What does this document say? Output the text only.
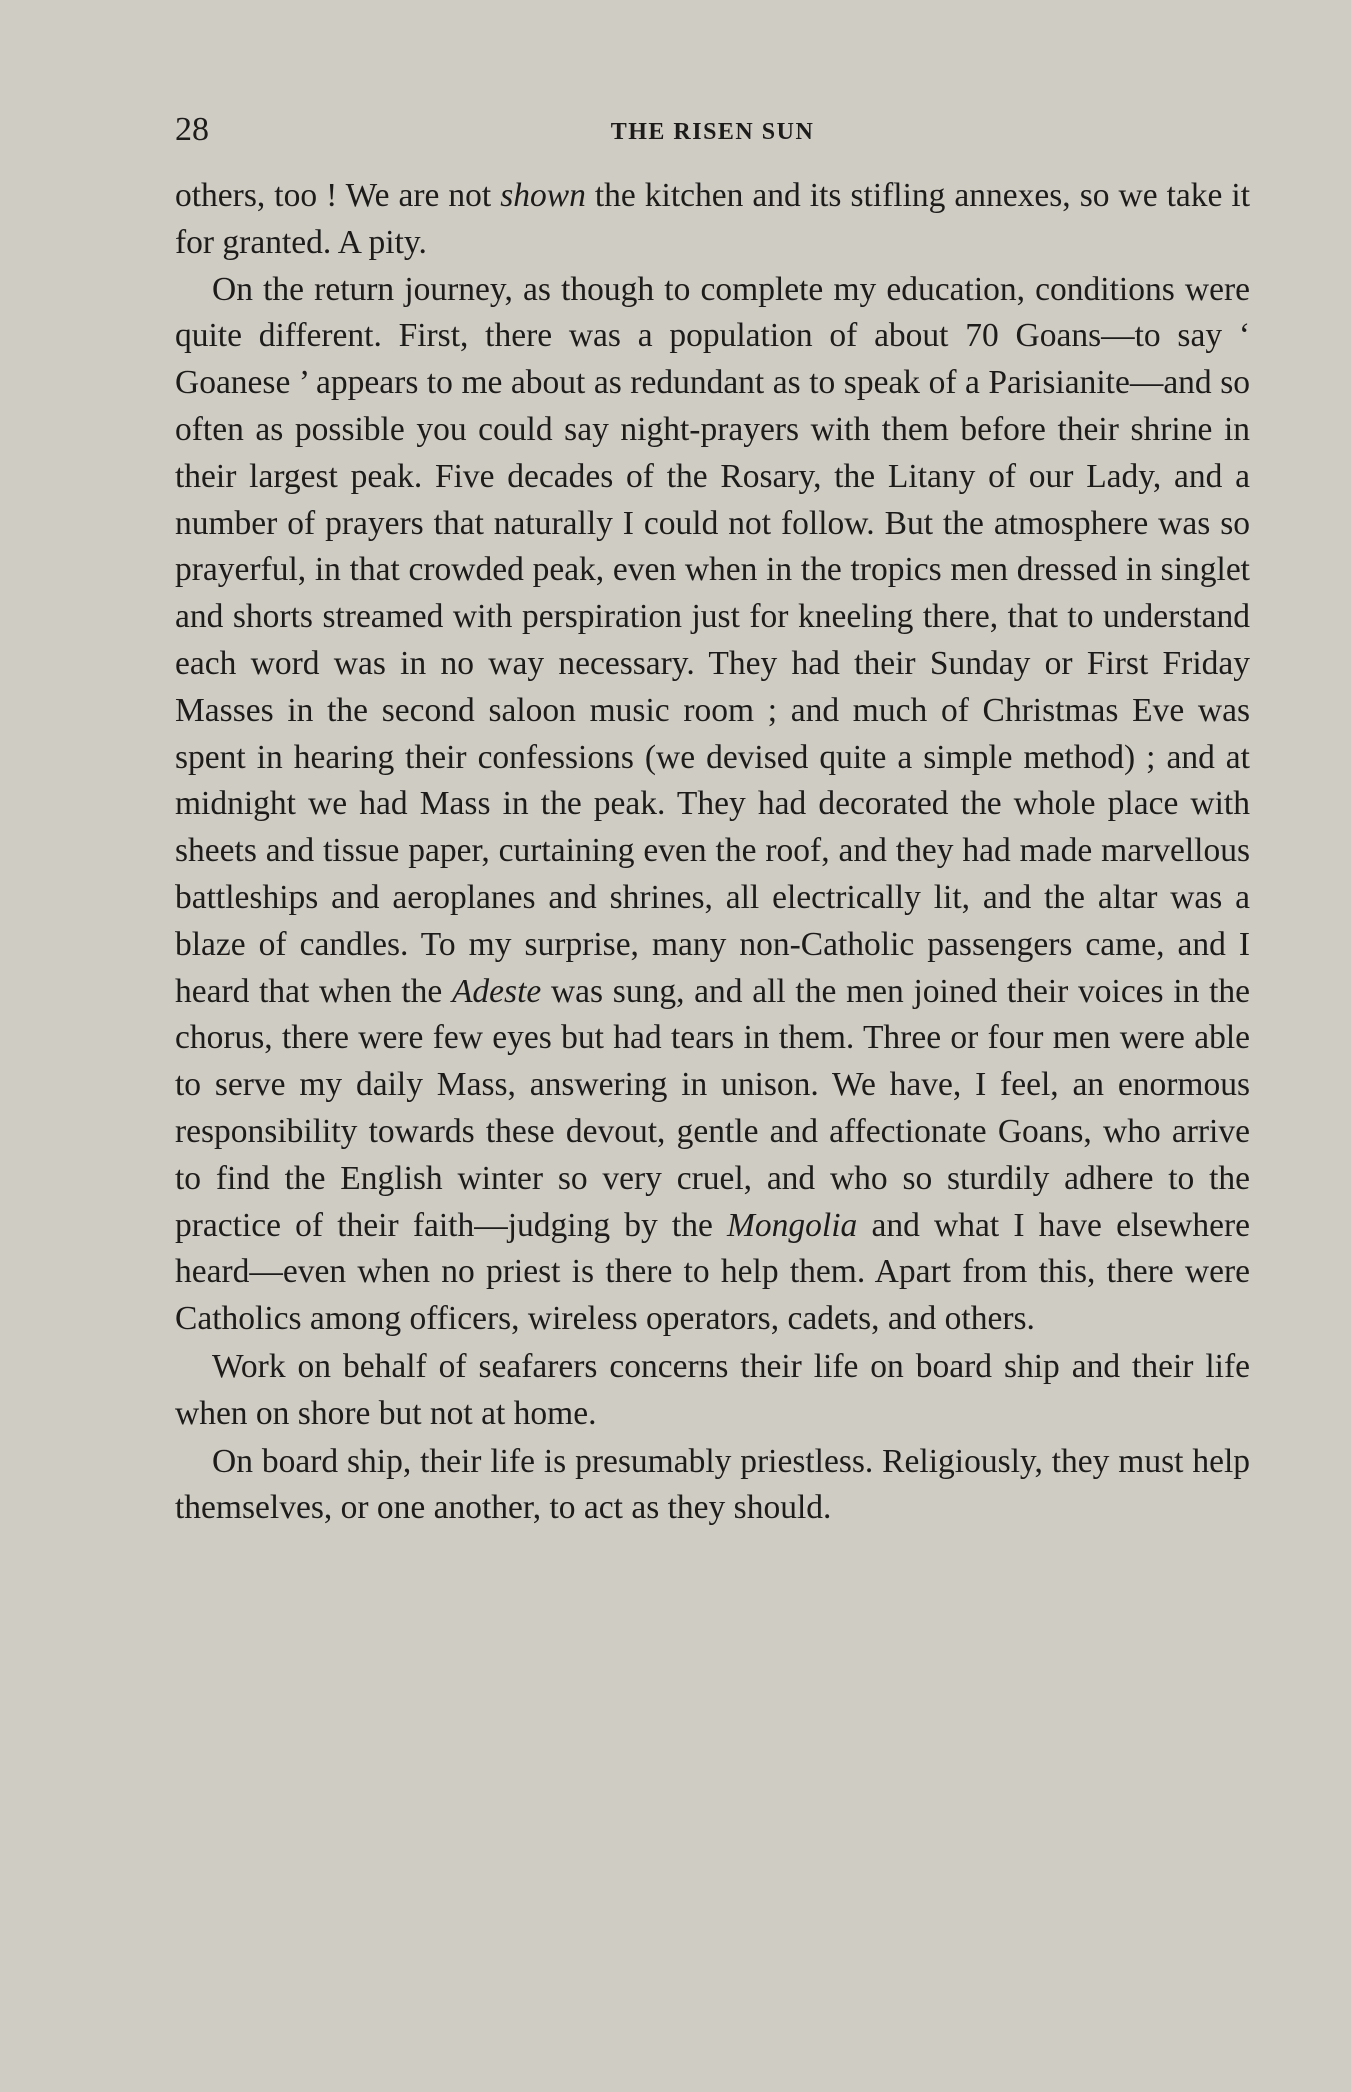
28	THE RISEN SUN

others, too ! We are not shown the kitchen and its stifling annexes, so we take it for granted. A pity.

On the return journey, as though to complete my education, conditions were quite different. First, there was a population of about 70 Goans—to say ‘ Goanese ’ appears to me about as redundant as to speak of a Parisianite—and so often as possible you could say night-prayers with them before their shrine in their largest peak. Five decades of the Rosary, the Litany of our Lady, and a number of prayers that naturally I could not follow. But the atmosphere was so prayerful, in that crowded peak, even when in the tropics men dressed in singlet and shorts streamed with perspiration just for kneeling there, that to understand each word was in no way necessary. They had their Sunday or First Friday Masses in the second saloon music room ; and much of Christmas Eve was spent in hearing their confessions (we devised quite a simple method) ; and at midnight we had Mass in the peak. They had decorated the whole place with sheets and tissue paper, curtaining even the roof, and they had made marvellous battleships and aeroplanes and shrines, all electrically lit, and the altar was a blaze of candles. To my surprise, many non-Catholic passengers came, and I heard that when the Adeste was sung, and all the men joined their voices in the chorus, there were few eyes but had tears in them. Three or four men were able to serve my daily Mass, answering in unison. We have, I feel, an enormous responsibility towards these devout, gentle and affectionate Goans, who arrive to find the English winter so very cruel, and who so sturdily adhere to the practice of their faith—judging by the Mongolia and what I have elsewhere heard—even when no priest is there to help them. Apart from this, there were Catholics among officers, wireless operators, cadets, and others.

Work on behalf of seafarers concerns their life on board ship and their life when on shore but not at home.

On board ship, their life is presumably priestless. Religiously, they must help themselves, or one another, to act as they should.
